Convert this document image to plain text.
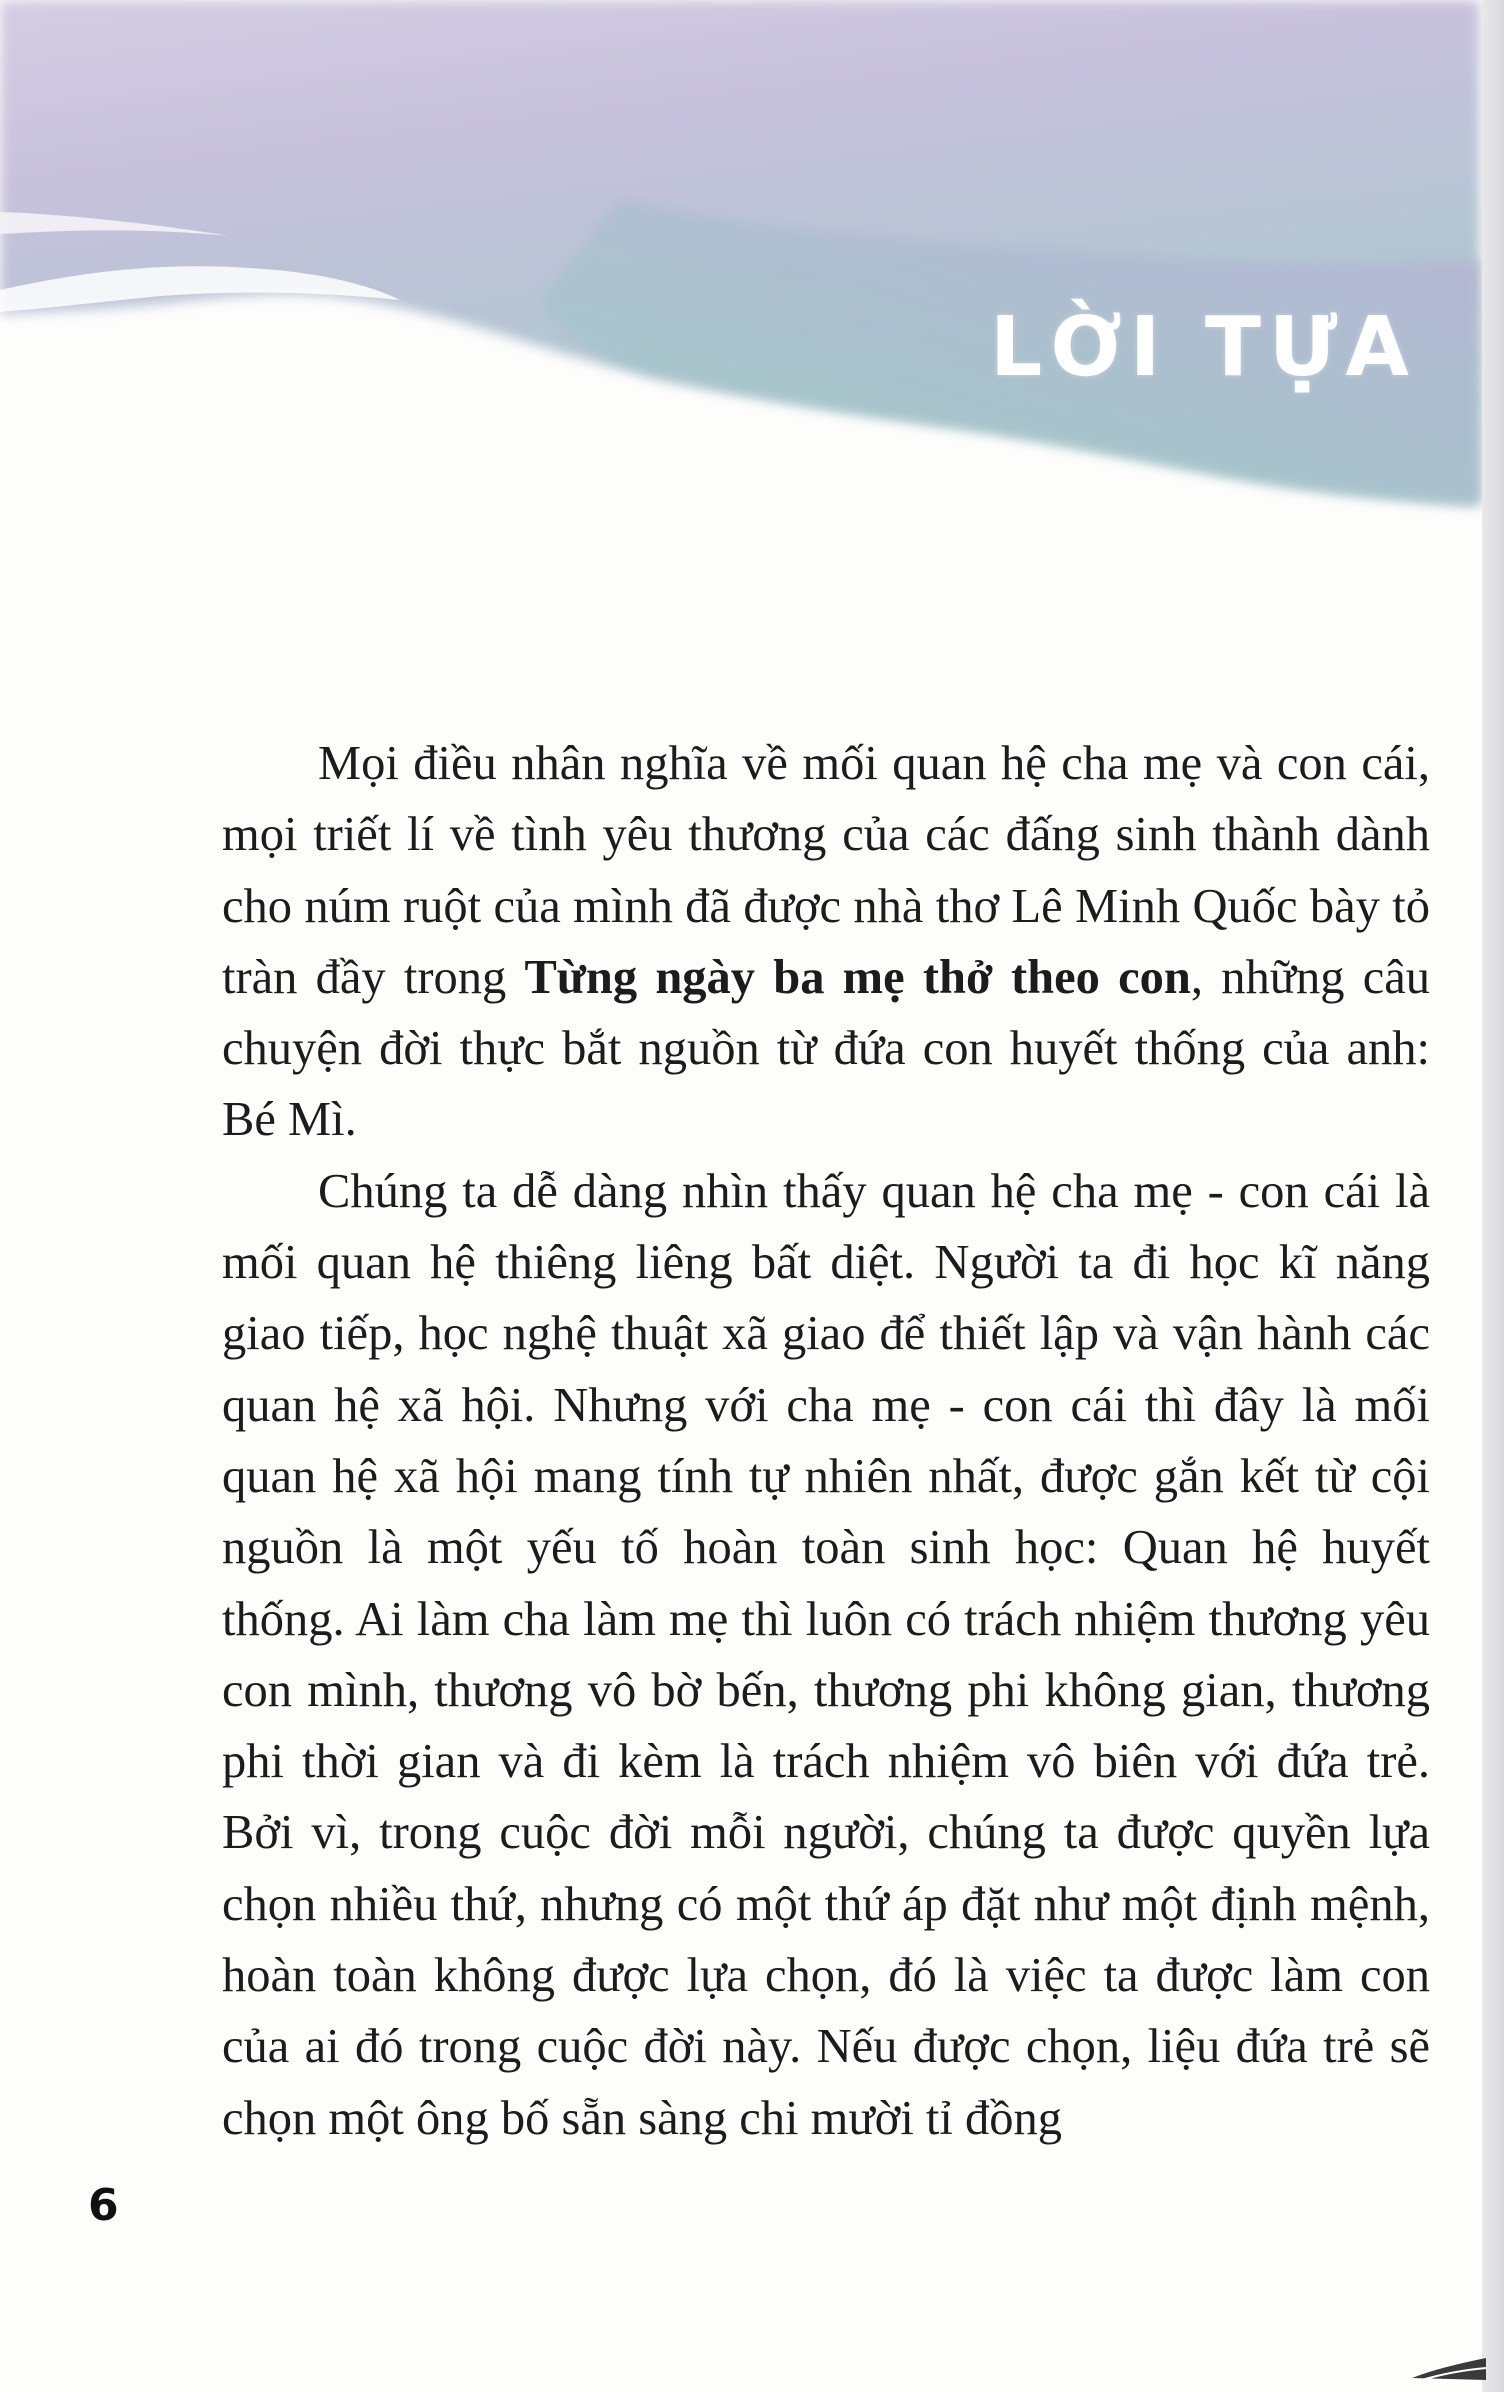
LỜI TỰA

Mọi điều nhân nghĩa về mối quan hệ cha mẹ và con cái, mọi triết lí về tình yêu thương của các đấng sinh thành dành cho núm ruột của mình đã được nhà thơ Lê Minh Quốc bày tỏ tràn đầy trong Từng ngày ba mẹ thở theo con, những câu chuyện đời thực bắt nguồn từ đứa con huyết thống của anh: Bé Mì.

Chúng ta dễ dàng nhìn thấy quan hệ cha mẹ - con cái là mối quan hệ thiêng liêng bất diệt. Người ta đi học kĩ năng giao tiếp, học nghệ thuật xã giao để thiết lập và vận hành các quan hệ xã hội. Nhưng với cha mẹ - con cái thì đây là mối quan hệ xã hội mang tính tự nhiên nhất, được gắn kết từ cội nguồn là một yếu tố hoàn toàn sinh học: Quan hệ huyết thống. Ai làm cha làm mẹ thì luôn có trách nhiệm thương yêu con mình, thương vô bờ bến, thương phi không gian, thương phi thời gian và đi kèm là trách nhiệm vô biên với đứa trẻ. Bởi vì, trong cuộc đời mỗi người, chúng ta được quyền lựa chọn nhiều thứ, nhưng có một thứ áp đặt như một định mệnh, hoàn toàn không được lựa chọn, đó là việc ta được làm con của ai đó trong cuộc đời này. Nếu được chọn, liệu đứa trẻ sẽ chọn một ông bố sẵn sàng chi mười tỉ đồng

6
